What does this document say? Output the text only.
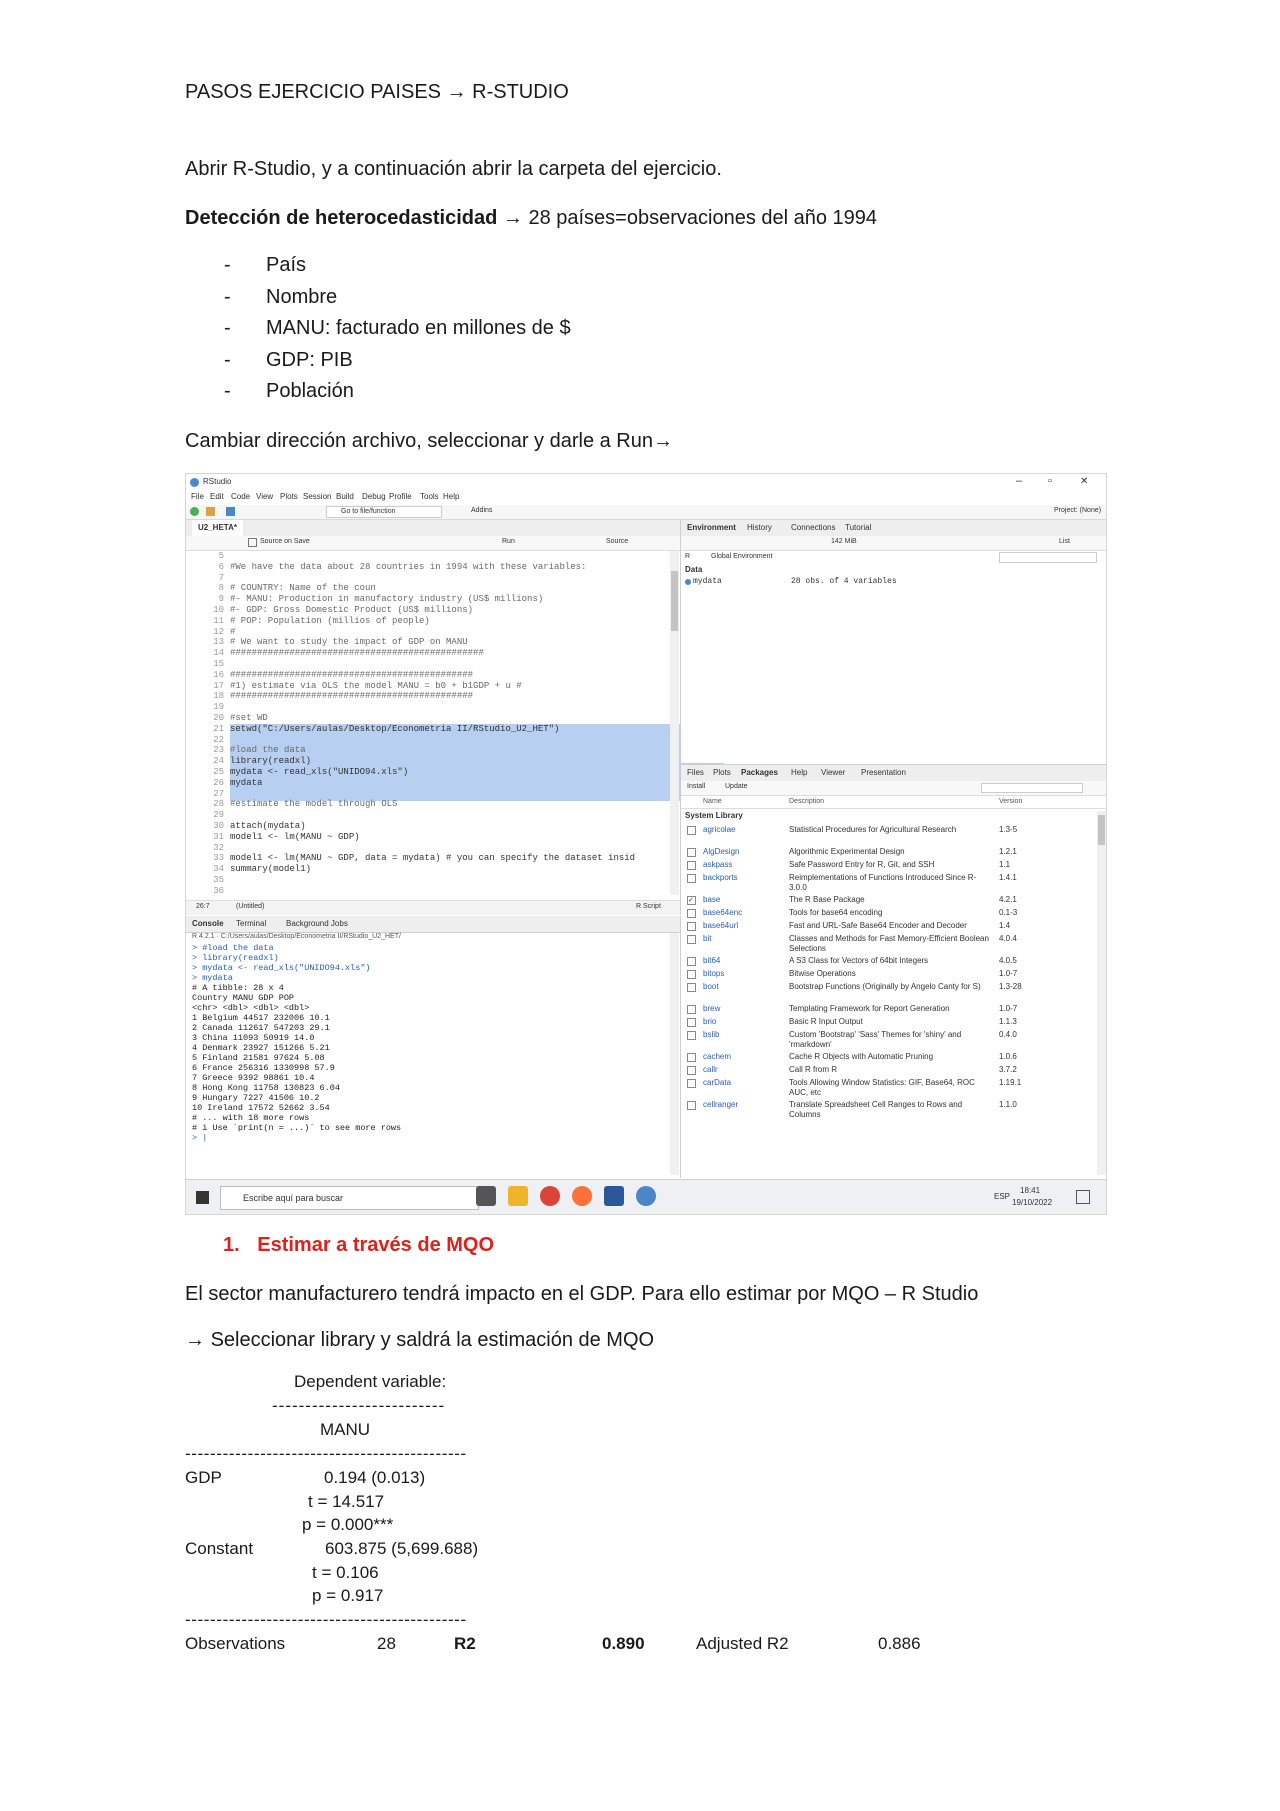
PASOS EJERCICIO PAISES → R-STUDIO
Abrir R-Studio, y a continuación abrir la carpeta del ejercicio.
Detección de heterocedasticidad → 28 países=observaciones del año 1994
- País
- Nombre
- MANU: facturado en millones de $
- GDP: PIB
- Población
Cambiar dirección archivo, seleccionar y darle a Run→
RStudio	– ▫	✕
File Edit Code View Plots Session Build Debug Profile Tools Help
Go to file/function	Addins	Project: (None)
U2_HETA*
Source on Save	Run	Source
5
6 #We have the data about 28 countries in 1994 with these variables:
7
8 # COUNTRY: Name of the coun
9 #- MANU: Production in manufactory industry (US$ millions)
10 #- GDP: Gross Domestic Product (US$ millions)
11 # POP: Population (millios of people)
12 #
13 # We want to study the impact of GDP on MANU
14 ###############################################
15
16 #############################################
17 #1) estimate via OLS the model MANU = b0 + b1GDP + u #
18 #############################################
19
20 #set WD
21 setwd("C:/Users/aulas/Desktop/Econometria II/RStudio_U2_HET")
22
23 #load the data
24 library(readxl)
25 mydata <- read_xls("UNIDO94.xls")
26 mydata
27
28 #estimate the model through OLS
29
30 attach(mydata)
31 model1 <- lm(MANU ~ GDP)
32
33 model1 <- lm(MANU ~ GDP, data = mydata) # you can specify the dataset insid
34 summary(model1)
35
36
26:7	(Untitled)	R Script
Console Terminal Background Jobs
R 4.2.1 · C:/Users/aulas/Desktop/Econometria II/RStudio_U2_HET/
> #load the data
> library(readxl)
> mydata <- read_xls("UNIDO94.xls")
> mydata
# A tibble: 28 x 4
Country MANU GDP POP
<chr> <dbl> <dbl> <dbl>
1 Belgium 44517 232006 10.1
2 Canada 112617 547203 29.1
3 China 11093 50919 14.0
4 Denmark 23927 151266 5.21
5 Finland 21581 97624 5.08
6 France 256316 1330998 57.9
7 Greece 9392 98861 10.4
8 Hong Kong 11758 130823 6.04
9 Hungary 7227 41506 10.2
10 Ireland 17572 52662 3.54
# ... with 18 more rows
# i Use `print(n = ...)` to see more rows
> |
Environment History Connections Tutorial
142 MiB	List
R	Global Environment
Data
mydata	28 obs. of 4 variables
Files Plots Packages Help Viewer Presentation
Install	Update
Name	Description	Version
System Library
agricolae	Statistical Procedures for Agricultural Research	1.3-5
AlgDesign	Algorithmic Experimental Design	1.2.1
askpass	Safe Password Entry for R, Git, and SSH	1.1
backports	Reimplementations of Functions Introduced Since R-3.0.0
1.4.1
✓ base	The R Base Package	4.2.1
base64enc	Tools for base64 encoding	0.1-3
base64url	Fast and URL-Safe Base64 Encoder and Decoder	1.4
bit	Classes and Methods for Fast Memory-Efficient Boolean Selections
4.0.4
bit64	A S3 Class for Vectors of 64bit Integers	4.0.5
bitops	Bitwise Operations	1.0-7
boot	Bootstrap Functions (Originally by Angelo Canty for S)	1.3-28
brew	Templating Framework for Report Generation	1.0-7
brio	Basic R Input Output	1.1.3
bslib	Custom 'Bootstrap' 'Sass' Themes for 'shiny' and 'rmarkdown'
0.4.0
cachem	Cache R Objects with Automatic Pruning	1.0.6
callr	Call R from R	3.7.2
carData	Tools Allowing Window Statistics: GIF, Base64, ROC AUC, etc
1.19.1
cellranger	Translate Spreadsheet Cell Ranges to Rows and Columns
1.1.0
Escribe aquí para buscar	ESP
18:41
19/10/2022
1. Estimar a través de MQO
El sector manufacturero tendrá impacto en el GDP. Para ello estimar por MQO – R Studio
→ Seleccionar library y saldrá la estimación de MQO
Dependent variable:
--------------------------
MANU
---------------------------------------------
GDP	0.194 (0.013)
t = 14.517
p = 0.000***
Constant	603.875 (5,699.688)
t = 0.106
p = 0.917
---------------------------------------------
Observations	28	R2	0.890	Adjusted R2	0.886
